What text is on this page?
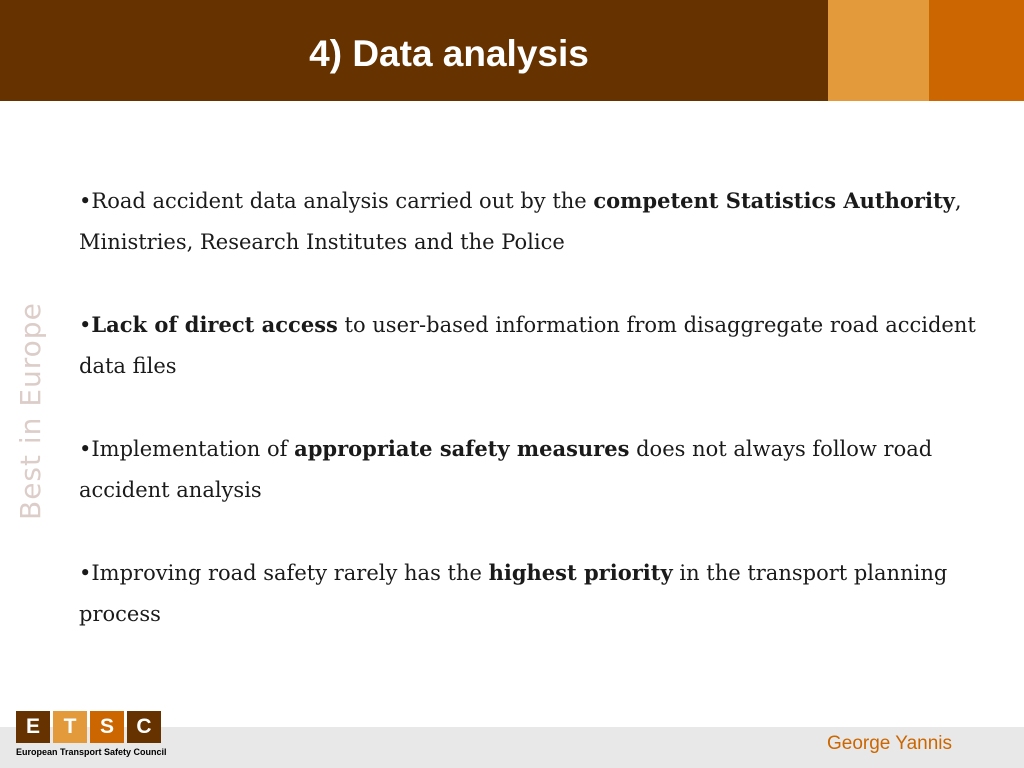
4) Data analysis
Best in Europe

•Road accident data analysis carried out by the competent Statistics Authority, Ministries, Research Institutes and the Police

•Lack of direct access to user-based information from disaggregate road accident data files

•Implementation of appropriate safety measures does not always follow road accident analysis

•Improving road safety rarely has the highest priority in the transport planning process

E	T	S	C
European Transport Safety Council	George Yannis
